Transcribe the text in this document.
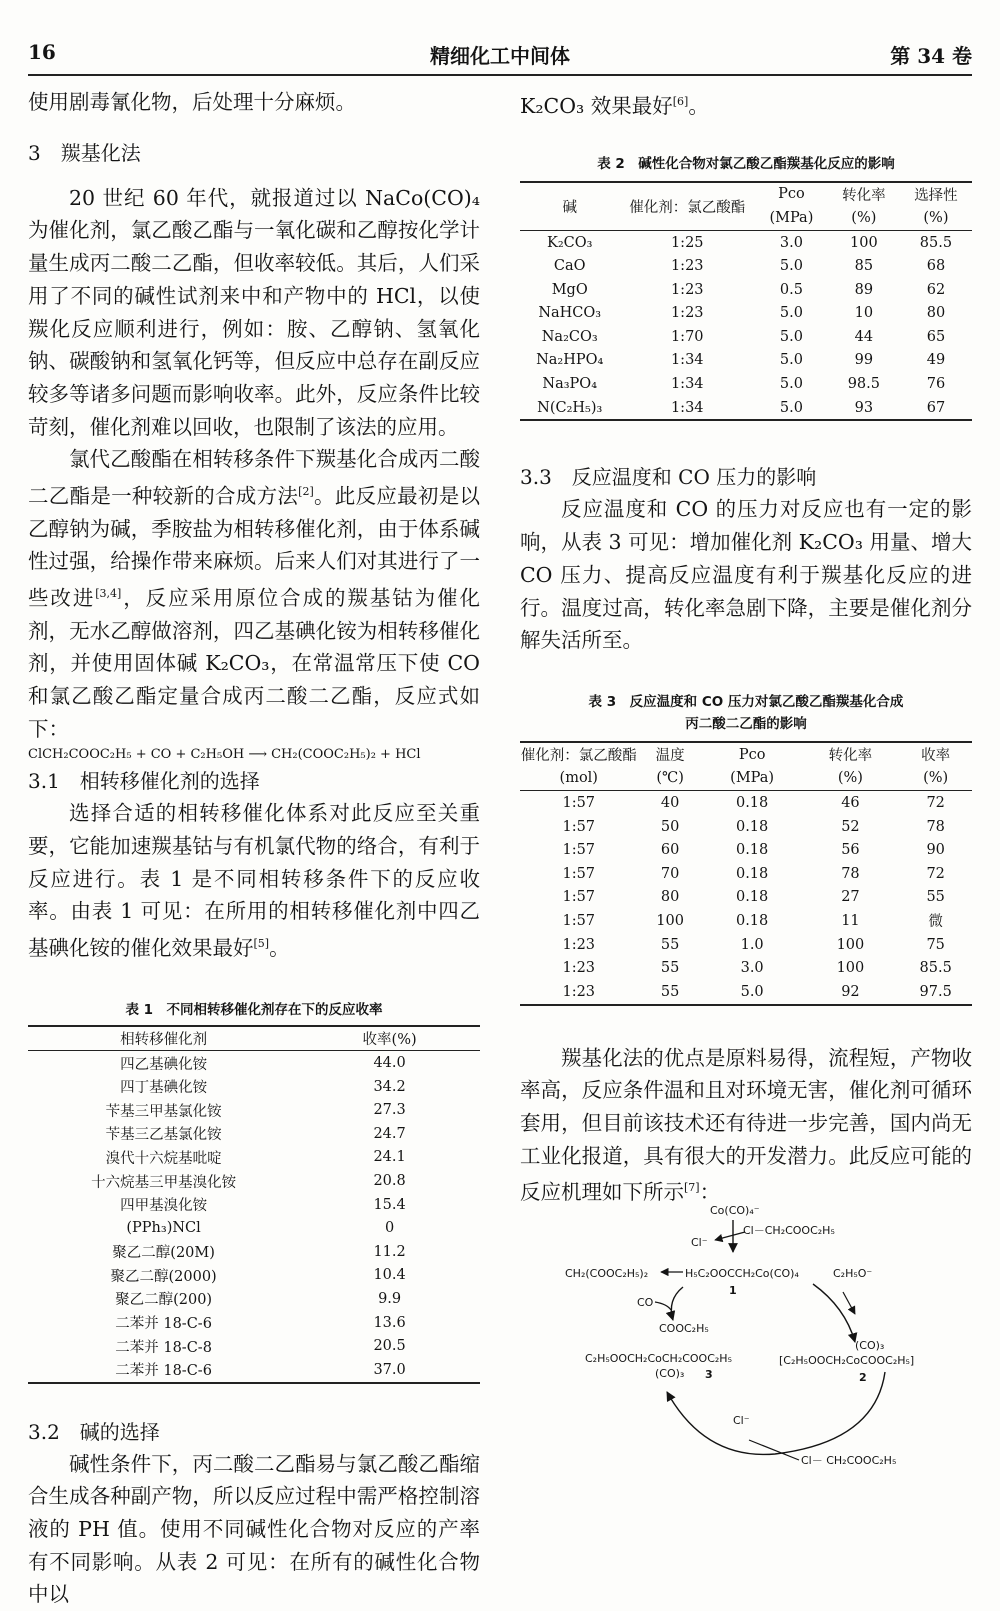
16	精细化工中间体	第 34 卷

使用剧毒氰化物，后处理十分麻烦。

3　羰基化法

20 世纪 60 年代，就报道过以 NaCo(CO)₄ 为催化剂，氯乙酸乙酯与一氧化碳和乙醇按化学计量生成丙二酸二乙酯，但收率较低。其后，人们采用了不同的碱性试剂来中和产物中的 HCl，以使羰化反应顺利进行，例如：胺、乙醇钠、氢氧化钠、碳酸钠和氢氧化钙等，但反应中总存在副反应较多等诸多问题而影响收率。此外，反应条件比较苛刻，催化剂难以回收，也限制了该法的应用。

氯代乙酸酯在相转移条件下羰基化合成丙二酸二乙酯是一种较新的合成方法[2]。此反应最初是以乙醇钠为碱，季胺盐为相转移催化剂，由于体系碱性过强，给操作带来麻烦。后来人们对其进行了一些改进[3,4]，反应采用原位合成的羰基钴为催化剂，无水乙醇做溶剂，四乙基碘化铵为相转移催化剂，并使用固体碱 K₂CO₃，在常温常压下使 CO 和氯乙酸乙酯定量合成丙二酸二乙酯，反应式如下：

ClCH₂COOC₂H₅ + CO + C₂H₅OH ⟶ CH₂(COOC₂H₅)₂ + HCl

3.1　相转移催化剂的选择

选择合适的相转移催化体系对此反应至关重要，它能加速羰基钴与有机氯代物的络合，有利于反应进行。表 1 是不同相转移条件下的反应收率。由表 1 可见：在所用的相转移催化剂中四乙基碘化铵的催化效果最好[5]。

表 1　不同相转移催化剂存在下的反应收率
相转移催化剂	收率(%)
四乙基碘化铵	44.0
四丁基碘化铵	34.2
苄基三甲基氯化铵	27.3
苄基三乙基氯化铵	24.7
溴代十六烷基吡啶	24.1
十六烷基三甲基溴化铵	20.8
四甲基溴化铵	15.4
(PPh₃)NCl	0
聚乙二醇(20M)	11.2
聚乙二醇(2000)	10.4
聚乙二醇(200)	9.9
二苯并 18-C-6	13.6
二苯并 18-C-8	20.5
二苯并 18-C-6	37.0

3.2　碱的选择

碱性条件下，丙二酸二乙酯易与氯乙酸乙酯缩合生成各种副产物，所以反应过程中需严格控制溶液的 PH 值。使用不同碱性化合物对反应的产率有不同影响。从表 2 可见：在所有的碱性化合物中以

K₂CO₃ 效果最好[6]。

表 2　碱性化合物对氯乙酸乙酯羰基化反应的影响
碱	催化剂：氯乙酸酯	Pco	转化率	选择性
		(MPa)	(%)	(%)
K₂CO₃	1:25	3.0	100	85.5
CaO	1:23	5.0	85	68
MgO	1:23	0.5	89	62
NaHCO₃	1:23	5.0	10	80
Na₂CO₃	1:70	5.0	44	65
Na₂HPO₄	1:34	5.0	99	49
Na₃PO₄	1:34	5.0	98.5	76
N(C₂H₅)₃	1:34	5.0	93	67

3.3　反应温度和 CO 压力的影响

反应温度和 CO 的压力对反应也有一定的影响，从表 3 可见：增加催化剂 K₂CO₃ 用量、增大 CO 压力、提高反应温度有利于羰基化反应的进行。温度过高，转化率急剧下降，主要是催化剂分解失活所至。

表 3　反应温度和 CO 压力对氯乙酸乙酯羰基化合成
丙二酸二乙酯的影响
催化剂：氯乙酸酯	温度	Pco	转化率	收率
(mol)	(℃)	(MPa)	(%)	(%)
1:57	40	0.18	46	72
1:57	50	0.18	52	78
1:57	60	0.18	56	90
1:57	70	0.18	78	72
1:57	80	0.18	27	55
1:57	100	0.18	11	微
1:23	55	1.0	100	75
1:23	55	3.0	100	85.5
1:23	55	5.0	92	97.5

羰基化法的优点是原料易得，流程短，产物收率高，反应条件温和且对环境无害，催化剂可循环套用，但目前该技术还有待进一步完善，国内尚无工业化报道，具有很大的开发潜力。此反应可能的反应机理如下所示[7]：

Co(CO)₄⁻
Cl⁻
Cl－CH₂COOC₂H₅
CH₂(COOC₂H₅)₂	H₅C₂OOCCH₂Co(CO)₄
1
C₂H₅O⁻
CO
COOC₂H₅
C₂H₅OOCH₂CoCH₂COOC₂H₅
(CO)₃ 3
(CO)₃
[C₂H₅OOCH₂CoCOOC₂H₅]
2
Cl⁻
Cl－ CH₂COOC₂H₅
